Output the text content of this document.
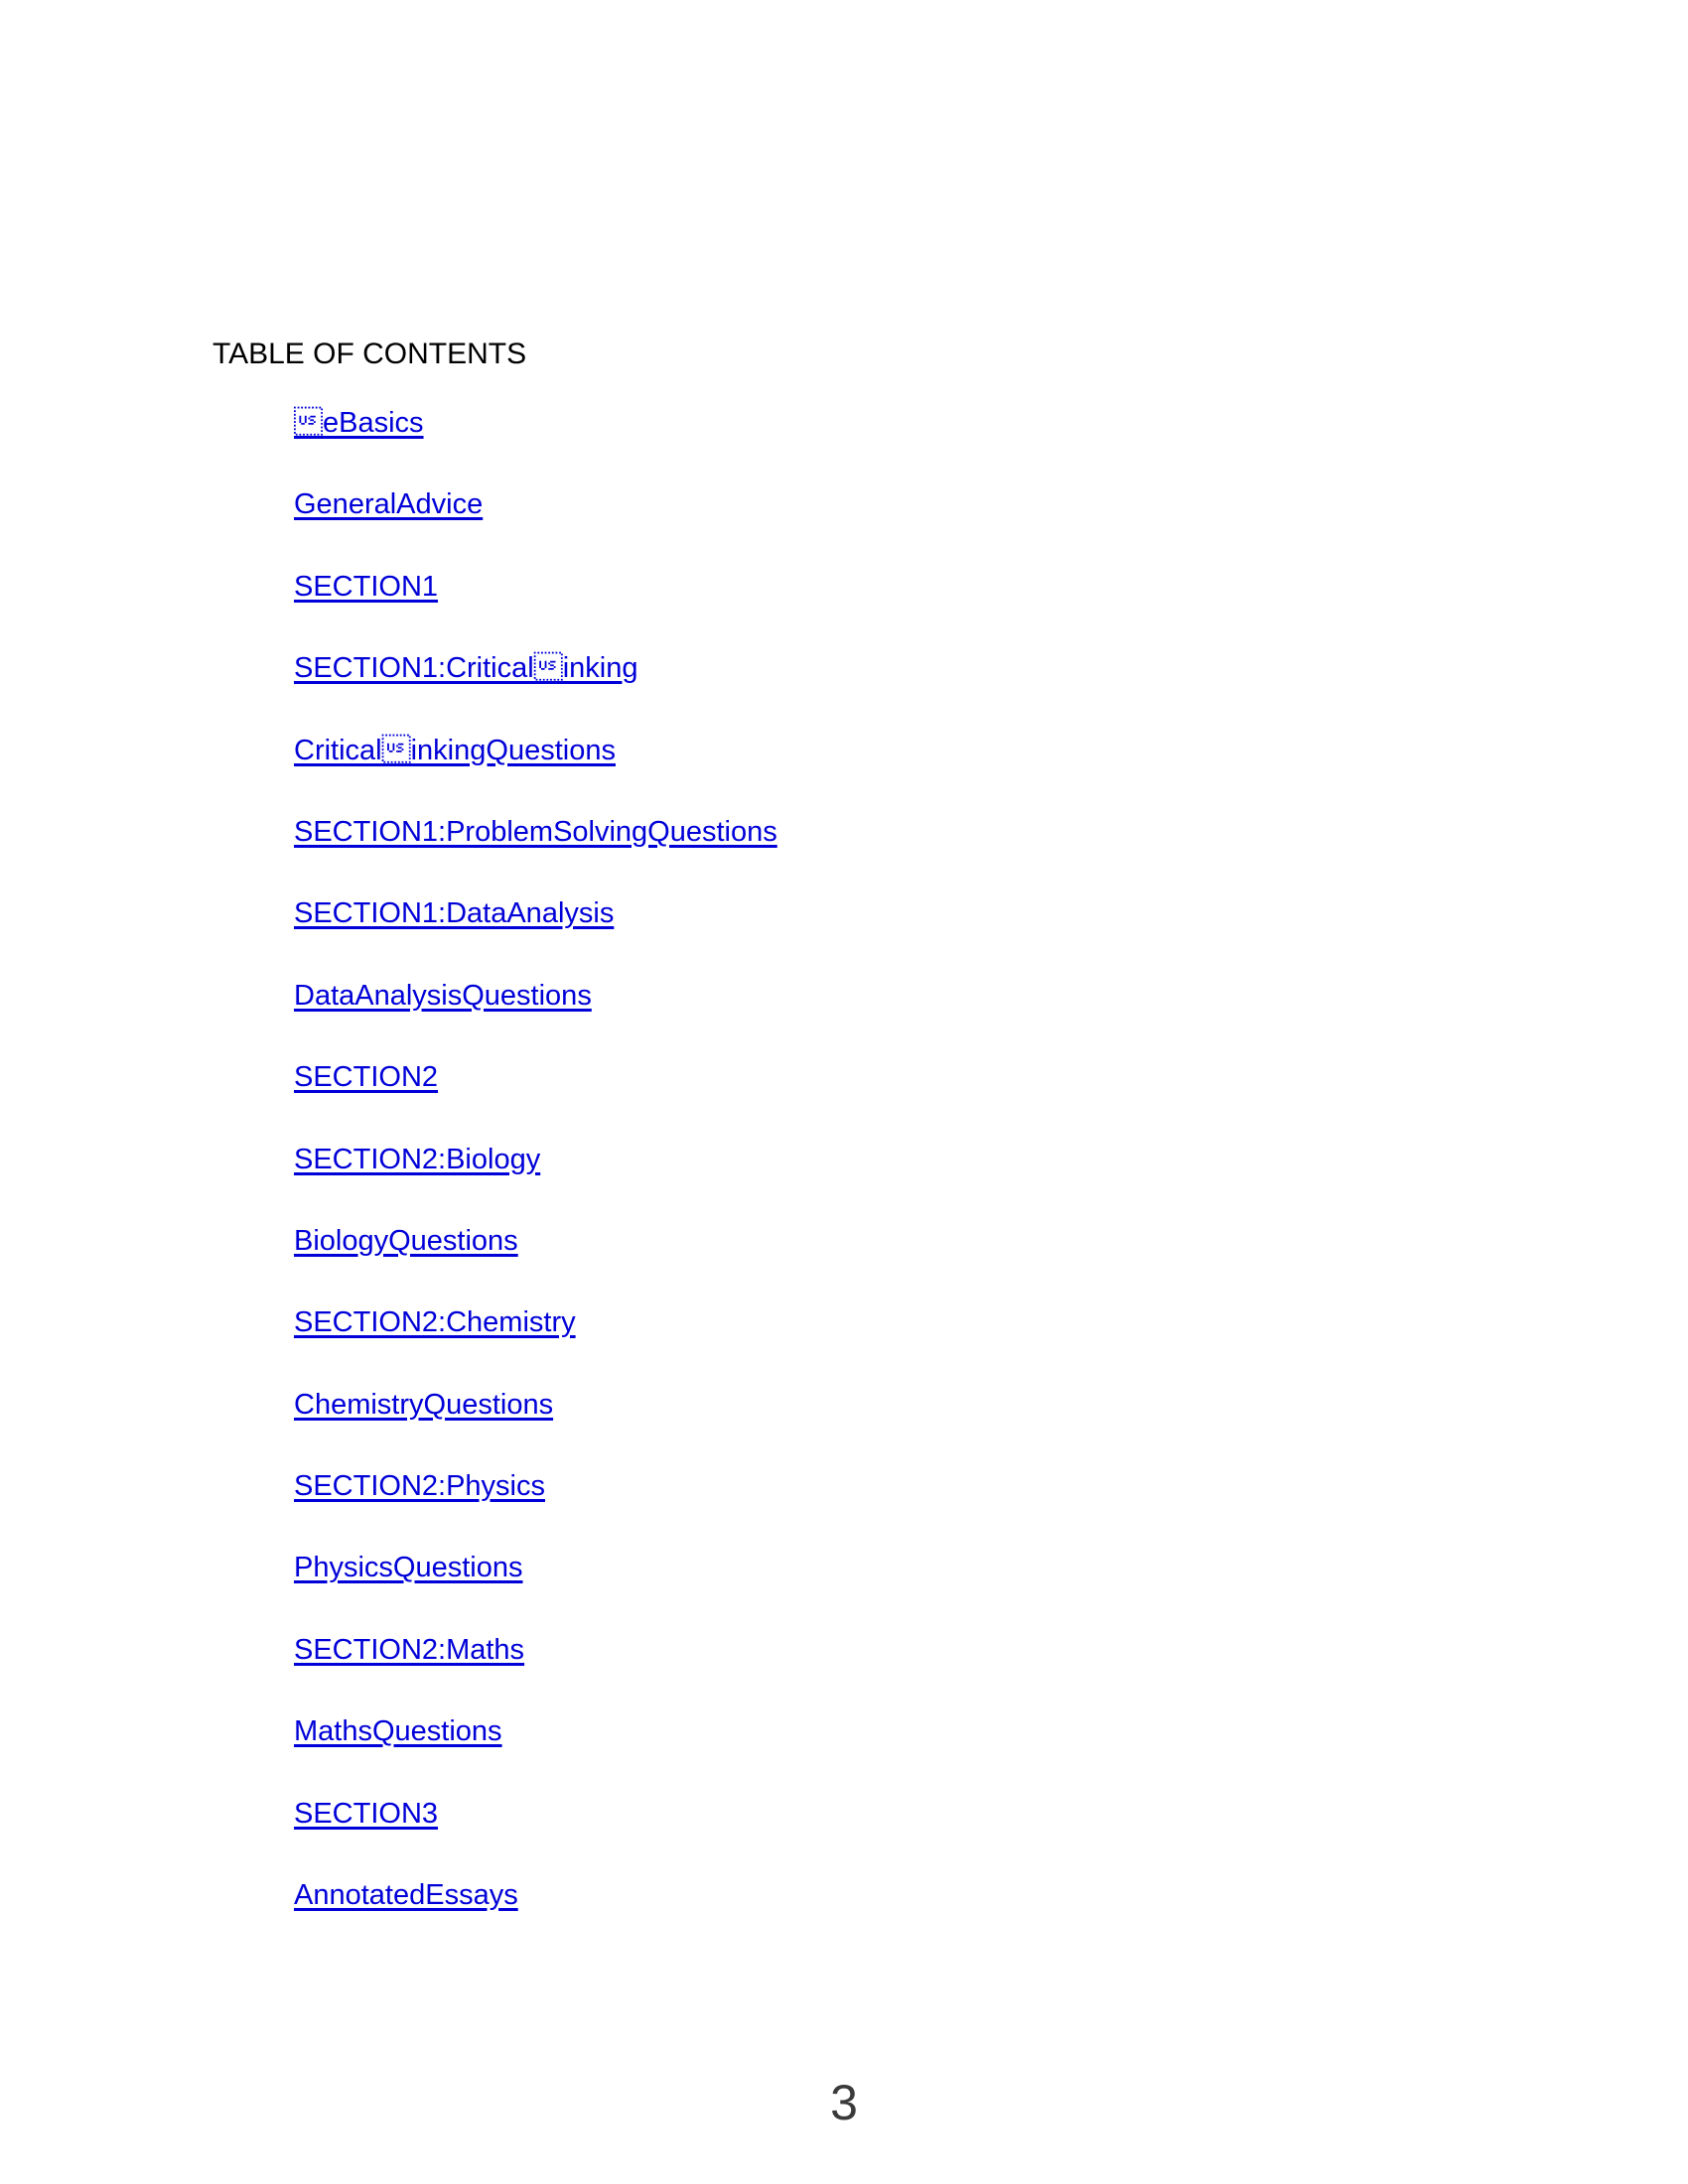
TABLE OF CONTENTS
eBasics
GeneralAdvice
SECTION1
SECTION1:Criticalinking
CriticalinkingQuestions
SECTION1:ProblemSolvingQuestions
SECTION1:DataAnalysis
DataAnalysisQuestions
SECTION2
SECTION2:Biology
BiologyQuestions
SECTION2:Chemistry
ChemistryQuestions
SECTION2:Physics
PhysicsQuestions
SECTION2:Maths
MathsQuestions
SECTION3
AnnotatedEssays
3
